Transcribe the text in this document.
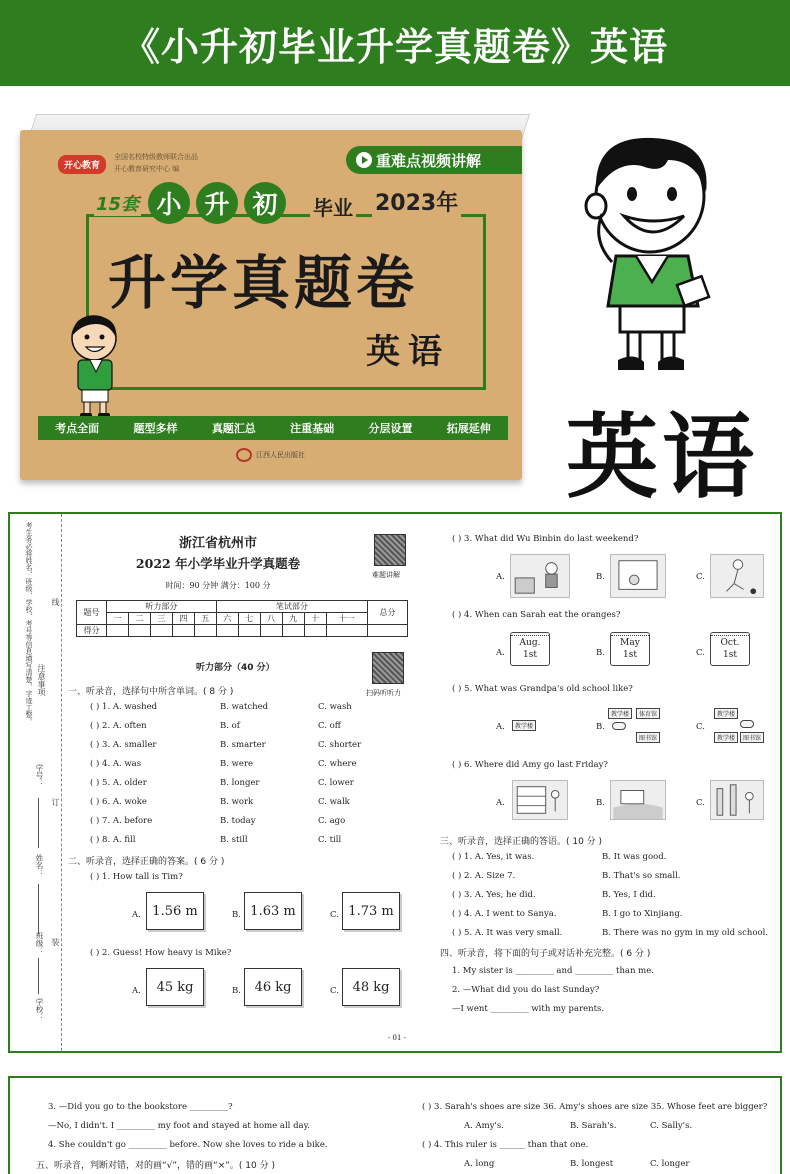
《小升初毕业升学真题卷》英语
开心教育
全国名校特级教师联合出品
开心教育研究中心 编	重难点视频讲解
15套 小 升 初	毕业 2023年
升学真题卷
英语
考点全面	题型多样	真题汇总	注重基础	分层设置	拓展延伸
江西人民出版社	英语
考生务必将姓名、班级、学校、考号等信息填写清楚，字迹工整。 注意事项
线
订
装
学号：
姓名：
班级：
学校：
浙江省杭州市
2022 年小学毕业升学真题卷
时间：90 分钟 满分：100 分
难题讲解
题号	听力部分					笔试部分						总分
	一	二	三	四	五	六	七	八	九	十	十一	
得分												
听力部分（40 分）
扫码听听力
一、听录音，选择句中所含单词。( 8 分 )
( ) 1. A. washed	B. watched	C. wash
( ) 2. A. often	B. of	C. off
( ) 3. A. smaller	B. smarter	C. shorter
( ) 4. A. was	B. were	C. where
( ) 5. A. older	B. longer	C. lower
( ) 6. A. woke	B. work	C. walk
( ) 7. A. before	B. today	C. ago
( ) 8. A. fill	B. still	C. till
二、听录音，选择正确的答案。( 6 分 )
( ) 1. How tall is Tim?
A. 1.56 m	B. 1.63 m	C. 1.73 m
( ) 2. Guess! How heavy is Mike?
A.	45 kg	B.	46 kg	C.	48 kg
( ) 3. What did Wu Binbin do last weekend?
A.	B.	C.
( ) 4. When can Sarah eat the oranges?
A.
Aug.
1st	B.
May
1st	C.
Oct.
1st
( ) 5. What was Grandpa's old school like?
A.	教学楼	B.
教学楼	体育馆
图书馆
C.
教学楼
教学楼	图书馆
( ) 6. Where did Amy go last Friday?
A.	B.	C.
三、听录音，选择正确的答语。( 10 分 )
( ) 1. A. Yes, it was.	B. It was good.
( ) 2. A. Size 7.	B. That's so small.
( ) 3. A. Yes, he did.	B. Yes, I did.
( ) 4. A. I went to Sanya.	B. I go to Xinjiang.
( ) 5. A. It was very small.	B. There was no gym in my old school.
四、听录音，将下面的句子或对话补充完整。( 6 分 )
1. My sister is _________ and _________ than me.
2. —What did you do last Sunday?
—I went _________ with my parents.
- 01 -
3. —Did you go to the bookstore _________?
—No, I didn't. I _________ my foot and stayed at home all day.
4. She couldn't go _________ before. Now she loves to ride a bike.
五、听录音，判断对错，对的画“√”，错的画“×”。( 10 分 )
( ) 3. Sarah's shoes are size 36. Amy's shoes are size 35. Whose feet are bigger?
A. Amy's.	B. Sarah's.	C. Sally's.
( ) 4. This ruler is ______ than that one.
A. long	B. longest	C. longer
